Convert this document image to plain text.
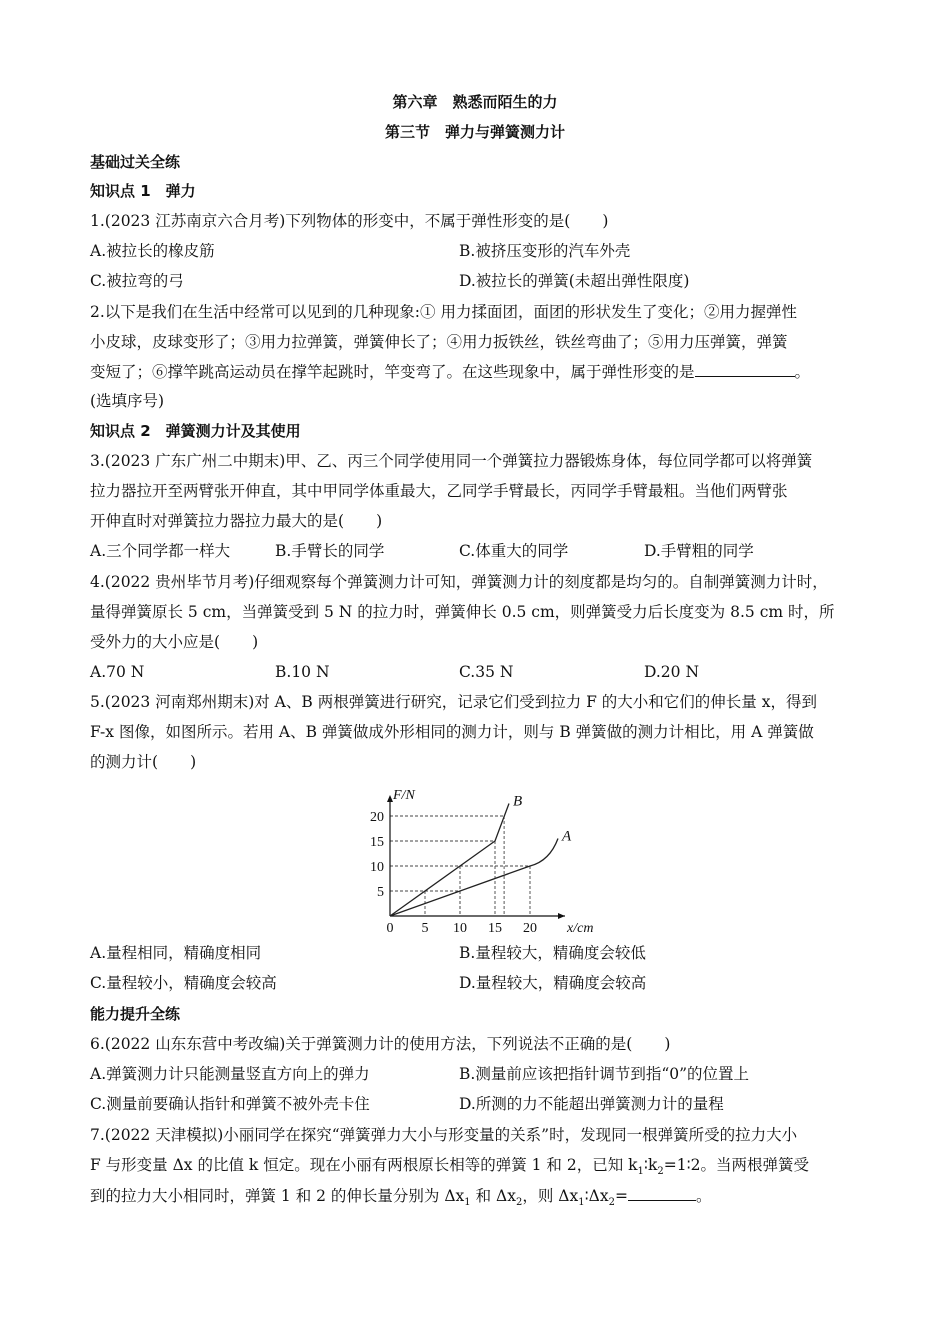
第六章　熟悉而陌生的力
第三节　弹力与弹簧测力计
基础过关全练
知识点 1　弹力
1.(2023 江苏南京六合月考)下列物体的形变中，不属于弹性形变的是( )
A.被拉长的橡皮筋	B.被挤压变形的汽车外壳
C.被拉弯的弓	D.被拉长的弹簧(未超出弹性限度)
2.以下是我们在生活中经常可以见到的几种现象:① 用力揉面团，面团的形状发生了变化；②用力握弹性
小皮球，皮球变形了；③用力拉弹簧，弹簧伸长了；④用力扳铁丝，铁丝弯曲了；⑤用力压弹簧，弹簧
变短了；⑥撑竿跳高运动员在撑竿起跳时，竿变弯了。在这些现象中，属于弹性形变的是	。
(选填序号)
知识点 2　弹簧测力计及其使用
3.(2023 广东广州二中期末)甲、乙、丙三个同学使用同一个弹簧拉力器锻炼身体，每位同学都可以将弹簧
拉力器拉开至两臂张开伸直，其中甲同学体重最大，乙同学手臂最长，丙同学手臂最粗。当他们两臂张
开伸直时对弹簧拉力器拉力最大的是( )
A.三个同学都一样大	B.手臂长的同学	C.体重大的同学	D.手臂粗的同学
4.(2022 贵州毕节月考)仔细观察每个弹簧测力计可知，弹簧测力计的刻度都是均匀的。自制弹簧测力计时，
量得弹簧原长 5 cm，当弹簧受到 5 N 的拉力时，弹簧伸长 0.5 cm，则弹簧受力后长度变为 8.5 cm 时，所
受外力的大小应是( )
A.70 N	B.10 N	C.35 N	D.20 N
5.(2023 河南郑州期末)对 A、B 两根弹簧进行研究，记录它们受到拉力 F 的大小和它们的伸长量 x，得到
F-x 图像，如图所示。若用 A、B 弹簧做成外形相同的测力计，则与 B 弹簧做的测力计相比，用 A 弹簧做
的测力计( )
0 5 10 15 20
5
10
15
20
x/cm
F/N	B
A
A.量程相同，精确度相同	B.量程较大，精确度会较低
C.量程较小，精确度会较高	D.量程较大，精确度会较高
能力提升全练
6.(2022 山东东营中考改编)关于弹簧测力计的使用方法，下列说法不正确的是( )
A.弹簧测力计只能测量竖直方向上的弹力	B.测量前应该把指针调节到指“0”的位置上
C.测量前要确认指针和弹簧不被外壳卡住	D.所测的力不能超出弹簧测力计的量程
7.(2022 天津模拟)小丽同学在探究“弹簧弹力大小与形变量的关系”时，发现同一根弹簧所受的拉力大小
F 与形变量 Δx 的比值 k 恒定。现在小丽有两根原长相等的弹簧 1 和 2，已知 $k_1∶k_2=1∶2$。当两根弹簧受
到的拉力大小相同时，弹簧 1 和 2 的伸长量分别为 $\Delta x_1$ 和 $\Delta x_2$，则 $\Delta x_1∶\Delta x_2=$	。
